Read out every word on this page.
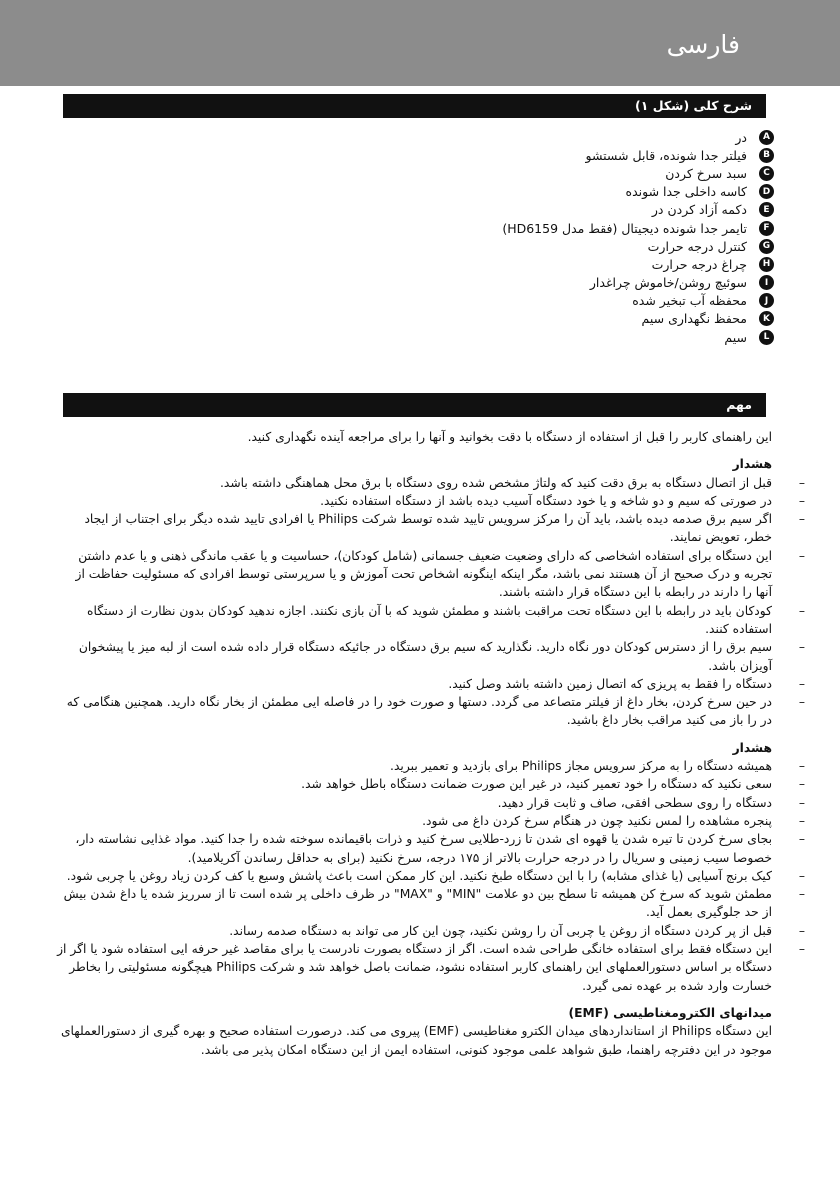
فارسی
شرح کلی (شکل ۱)
A
در
B
فیلتر جدا شونده، قابل شستشو
C
سبد سرخ کردن
D
کاسه داخلی جدا شونده
E
دکمه آزاد کردن در
F
تایمر جدا شونده دیجیتال (فقط مدل HD6159)
G
کنترل درجه حرارت
H
چراغ درجه حرارت
I
سوئیچ روشن/خاموش چراغدار
J
محفظه آب تبخیر شده
K
محفظ نگهداری سیم
L
سیم
مهم

این راهنمای کاربر را قبل از استفاده از دستگاه با دقت بخوانید و آنها را برای مراجعه آینده نگهداری کنید.

هشدار

–
قبل از اتصال دستگاه به برق دقت کنید که ولتاژ مشخص شده روی دستگاه با برق محل هماهنگی داشته باشد.
–
در صورتی که سیم و دو شاخه و یا خود دستگاه آسیب دیده باشد از دستگاه استفاده نکنید.
–
اگر سیم برق صدمه دیده باشد، باید آن را مرکز سرویس تایید شده توسط شرکت Philips یا افرادی تایید شده دیگر برای اجتناب از ایجاد خطر، تعویض نمایند.
–
این دستگاه برای استفاده اشخاصی که دارای وضعیت ضعیف جسمانی (شامل کودکان)، حساسیت و یا عقب ماندگی ذهنی و یا عدم داشتن تجربه و درک صحیح از آن هستند نمی باشد، مگر اینکه اینگونه اشخاص تحت آموزش و یا سرپرستی توسط افرادی که مسئولیت حفاظت از آنها را دارند در رابطه با این دستگاه قرار داشته باشند.
–
کودکان باید در رابطه با این دستگاه تحت مراقبت باشند و مطمئن شوید که با آن بازی نکنند. اجازه ندهید کودکان بدون نظارت از دستگاه استفاده کنند.
–
سیم برق را از دسترس کودکان دور نگاه دارید. نگذارید که سیم برق دستگاه در جائیکه دستگاه قرار داده شده است از لبه میز یا پیشخوان آویزان باشد.
–
دستگاه را فقط به پریزی که اتصال زمین داشته باشد وصل کنید.
–
در حین سرخ کردن، بخار داغ از فیلتر متصاعد می گردد. دستها و صورت خود را در فاصله ایی مطمئن از بخار نگاه دارید. همچنین هنگامی که در را باز می کنید مراقب بخار داغ باشید.

هشدار

–
همیشه دستگاه را به مرکز سرویس مجاز Philips برای بازدید و تعمیر ببرید.
–
سعی نکنید که دستگاه را خود تعمیر کنید، در غیر این صورت ضمانت دستگاه باطل خواهد شد.
–
دستگاه را روی سطحی افقی، صاف و ثابت قرار دهید.
–
پنجره مشاهده را لمس نکنید چون در هنگام سرخ کردن داغ می شود.
–
بجای سرخ کردن تا تیره شدن یا قهوه ای شدن تا زرد-طلایی سرخ کنید و ذرات باقیمانده سوخته شده را جدا کنید. مواد غذایی نشاسته دار، خصوصا سیب زمینی و سریال را در درجه حرارت بالاتر از ۱۷۵ درجه، سرخ نکنید (برای به حداقل رساندن آکریلامید).
–
کیک برنج آسیایی (یا غذای مشابه) را با این دستگاه طبخ نکنید. این کار ممکن است باعث پاشش وسیع یا کف کردن زیاد روغن یا چربی شود.
–
مطمئن شوید که سرخ کن همیشه تا سطح بین دو علامت "MIN" و "MAX" در ظرف داخلی پر شده است تا از سرریز شده یا داغ شدن بیش از حد جلوگیری بعمل آید.
–
قبل از پر کردن دستگاه از روغن یا چربی آن را روشن نکنید، چون این کار می تواند به دستگاه صدمه رساند.
–
این دستگاه فقط برای استفاده خانگی طراحی شده است. اگر از دستگاه بصورت نادرست یا برای مقاصد غیر حرفه ایی استفاده شود یا اگر از دستگاه بر اساس دستورالعملهای این راهنمای کاربر استفاده نشود، ضمانت باصل خواهد شد و شرکت Philips هیچگونه مسئولیتی را بخاطر خسارت وارد شده بر عهده نمی گیرد.

میدانهای الکترومغناطیسی (EMF)

این دستگاه Philips از استانداردهای میدان الکترو مغناطیسی (EMF) پیروی می کند. درصورت استفاده صحیح و بهره گیری از دستورالعملهای موجود در این دفترچه راهنما، طبق شواهد علمی موجود کنونی، استفاده ایمن از این دستگاه امکان پذیر می باشد.
